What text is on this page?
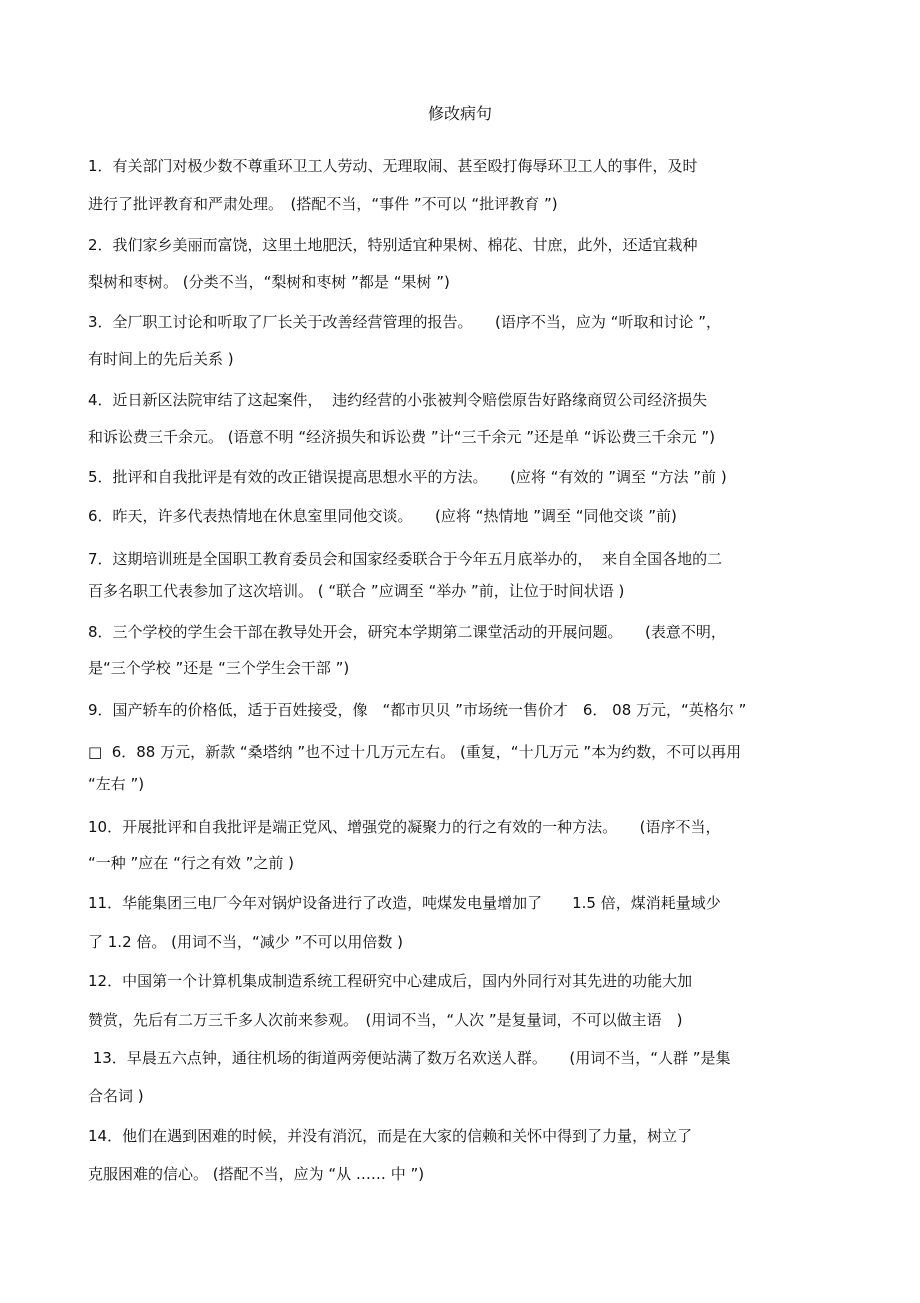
修改病句
1．有关部门对极少数不尊重环卫工人劳动、无理取闹、甚至殴打侮辱环卫工人的事件，及时
进行了批评教育和严肃处理。　(搭配不当，“事件 ”不可以 “批评教育 ”)
2．我们家乡美丽而富饶，这里土地肥沃，特别适宜种果树、棉花、甘庶，此外，还适宜栽种
梨树和枣树。 (分类不当，“梨树和枣树 ”都是 “果树 ”)
3．全厂职工讨论和听取了厂长关于改善经营管理的报告。　　(语序不当，应为 “听取和讨论 ”，
有时间上的先后关系 )
4．近日新区法院审结了这起案件，  违约经营的小张被判令赔偿原告好路缘商贸公司经济损失
和诉讼费三千余元。 (语意不明 “经济损失和诉讼费 ”计“三千余元 ”还是单 “诉讼费三千余元 ”)
5．批评和自我批评是有效的改正错误提高思想水平的方法。　　(应将 “有效的 ”调至 “方法 ”前 )
6．昨天，许多代表热情地在休息室里同他交谈。　　(应将 “热情地 ”调至 “同他交谈 ”前)
7．这期培训班是全国职工教育委员会和国家经委联合于今年五月底举办的，  来自全国各地的二
百多名职工代表参加了这次培训。 ( “联合 ”应调至 “举办 ”前，让位于时间状语 )
8．三个学校的学生会干部在教导处开会，研究本学期第二课堂活动的开展问题。　　(表意不明，
是“三个学校 ”还是 “三个学生会干部 ”)
9．国产轿车的价格低，适于百姓接受，像　“都市贝贝 ”市场统一售价才　6． 08 万元，“英格尔 ”
□  6．88 万元，新款 “桑塔纳 ”也不过十几万元左右。 (重复，“十几万元 ”本为约数，不可以再用
“左右 ”)
10．开展批评和自我批评是端正党风、增强党的凝聚力的行之有效的一种方法。　　(语序不当，
“一种 ”应在 “行之有效 ”之前 )
11．华能集团三电厂今年对锅炉设备进行了改造，吨煤发电量增加了　　1.5 倍，煤消耗量域少
了 1.2 倍。 (用词不当，“减少 ”不可以用倍数 )
12．中国第一个计算机集成制造系统工程研究中心建成后，国内外同行对其先进的功能大加
赞赏，先后有二万三千多人次前来参观。　(用词不当，“人次 ”是复量词，不可以做主语　)
13．早晨五六点钟，通往机场的街道两旁便站满了数万名欢送人群。　　(用词不当，“人群 ”是集
合名词 )
14．他们在遇到困难的时候，并没有消沉，而是在大家的信赖和关怀中得到了力量，树立了
克服困难的信心。 (搭配不当，应为 “从 …… 中 ”)
